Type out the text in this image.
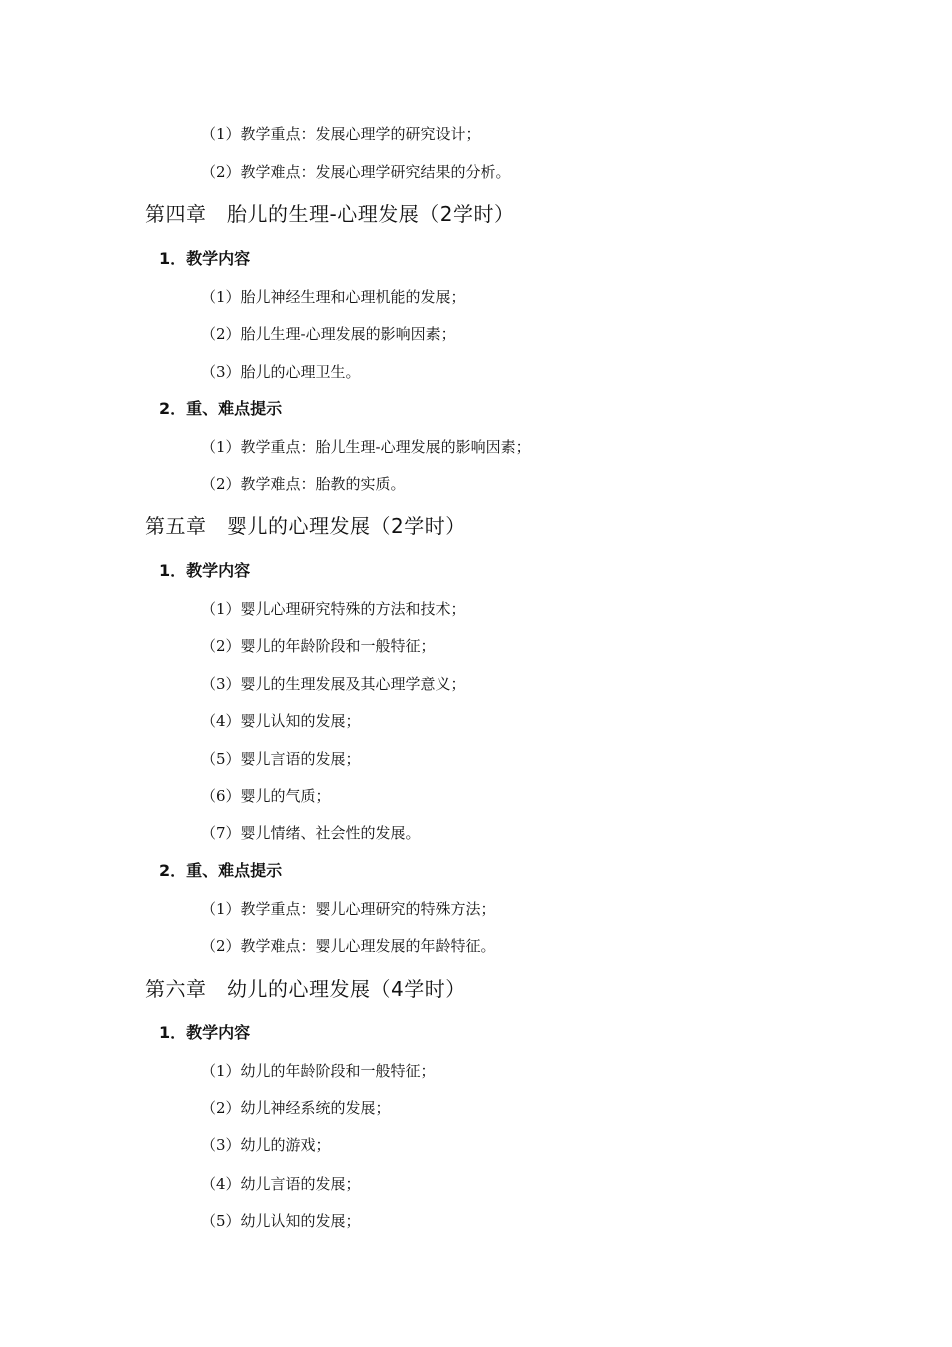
（1）教学重点：发展心理学的研究设计；
（2）教学难点：发展心理学研究结果的分析。
第四章　胎儿的生理-心理发展（2学时）
1．教学内容
（1）胎儿神经生理和心理机能的发展；
（2）胎儿生理-心理发展的影响因素；
（3）胎儿的心理卫生。
2．重、难点提示
（1）教学重点：胎儿生理-心理发展的影响因素；
（2）教学难点：胎教的实质。
第五章　婴儿的心理发展（2学时）
1．教学内容
（1）婴儿心理研究特殊的方法和技术；
（2）婴儿的年龄阶段和一般特征；
（3）婴儿的生理发展及其心理学意义；
（4）婴儿认知的发展；
（5）婴儿言语的发展；
（6）婴儿的气质；
（7）婴儿情绪、社会性的发展。
2．重、难点提示
（1）教学重点：婴儿心理研究的特殊方法；
（2）教学难点：婴儿心理发展的年龄特征。
第六章　幼儿的心理发展（4学时）
1．教学内容
（1）幼儿的年龄阶段和一般特征；
（2）幼儿神经系统的发展；
（3）幼儿的游戏；
（4）幼儿言语的发展；
（5）幼儿认知的发展；
